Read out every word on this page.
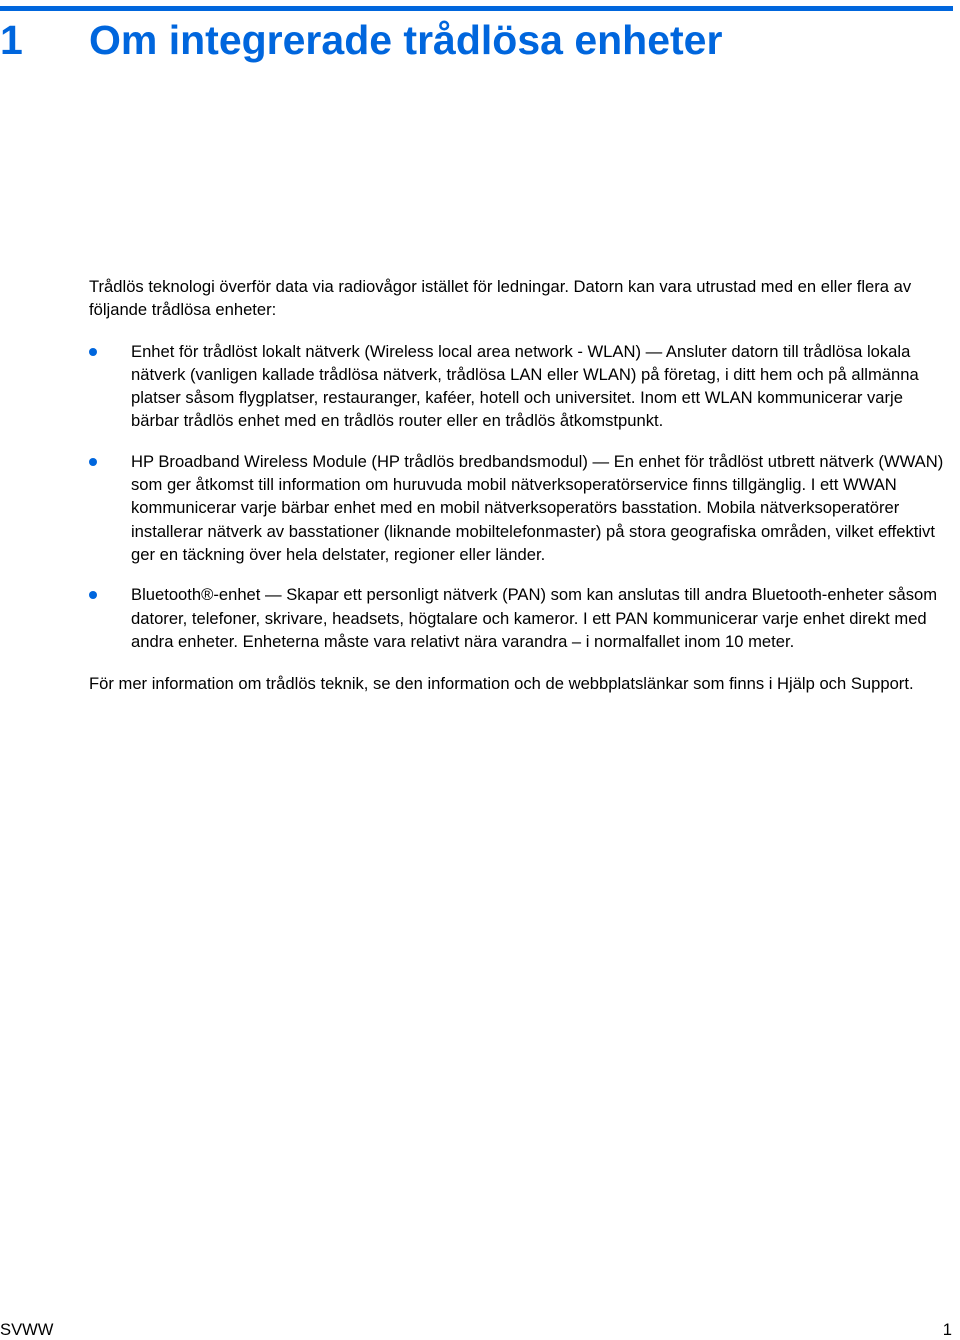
1 Om integrerade trådlösa enheter

Trådlös teknologi överför data via radiovågor istället för ledningar. Datorn kan vara utrustad med en eller flera av följande trådlösa enheter:

Enhet för trådlöst lokalt nätverk (Wireless local area network - WLAN) — Ansluter datorn till trådlösa lokala nätverk (vanligen kallade trådlösa nätverk, trådlösa LAN eller WLAN) på företag, i ditt hem och på allmänna platser såsom flygplatser, restauranger, kaféer, hotell och universitet. Inom ett WLAN kommunicerar varje bärbar trådlös enhet med en trådlös router eller en trådlös åtkomstpunkt.
HP Broadband Wireless Module (HP trådlös bredbandsmodul) — En enhet för trådlöst utbrett nätverk (WWAN) som ger åtkomst till information om huruvuda mobil nätverksoperatörservice finns tillgänglig. I ett WWAN kommunicerar varje bärbar enhet med en mobil nätverksoperatörs basstation. Mobila nätverksoperatörer installerar nätverk av basstationer (liknande mobiltelefonmaster) på stora geografiska områden, vilket effektivt ger en täckning över hela delstater, regioner eller länder.
Bluetooth®-enhet — Skapar ett personligt nätverk (PAN) som kan anslutas till andra Bluetooth-enheter såsom datorer, telefoner, skrivare, headsets, högtalare och kameror. I ett PAN kommunicerar varje enhet direkt med andra enheter. Enheterna måste vara relativt nära varandra – i normalfallet inom 10 meter.

För mer information om trådlös teknik, se den information och de webbplatslänkar som finns i Hjälp och Support.

SVWW	1
